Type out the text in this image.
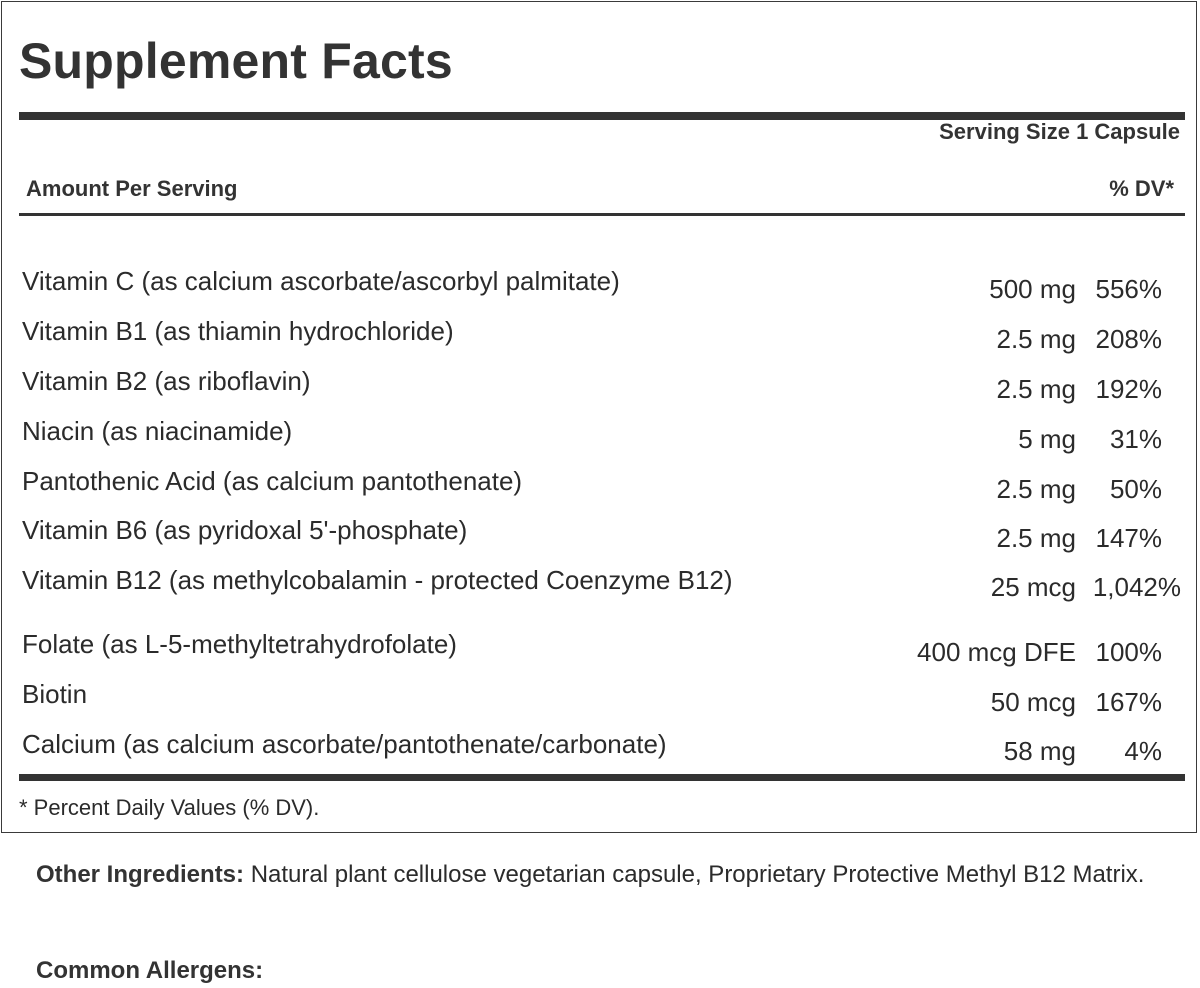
Supplement Facts
Serving Size 1 Capsule
Amount Per Serving	% DV*
Vitamin C (as calcium ascorbate/ascorbyl palmitate)	500 mg 556%
Vitamin B1 (as thiamin hydrochloride)	2.5 mg 208%
Vitamin B2 (as riboflavin)	2.5 mg 192%
Niacin (as niacinamide)	5 mg 31%
Pantothenic Acid (as calcium pantothenate)	2.5 mg 50%
Vitamin B6 (as pyridoxal 5'-phosphate)	2.5 mg 147%
Vitamin B12 (as methylcobalamin - protected Coenzyme B12)	25 mcg 1,042%
Folate (as L-5-methyltetrahydrofolate)	400 mcg DFE 100%
Biotin	50 mcg 167%
Calcium (as calcium ascorbate/pantothenate/carbonate)	58 mg 4%
* Percent Daily Values (% DV).
Other Ingredients: Natural plant cellulose vegetarian capsule, Proprietary Protective Methyl B12 Matrix.
Common Allergens:
